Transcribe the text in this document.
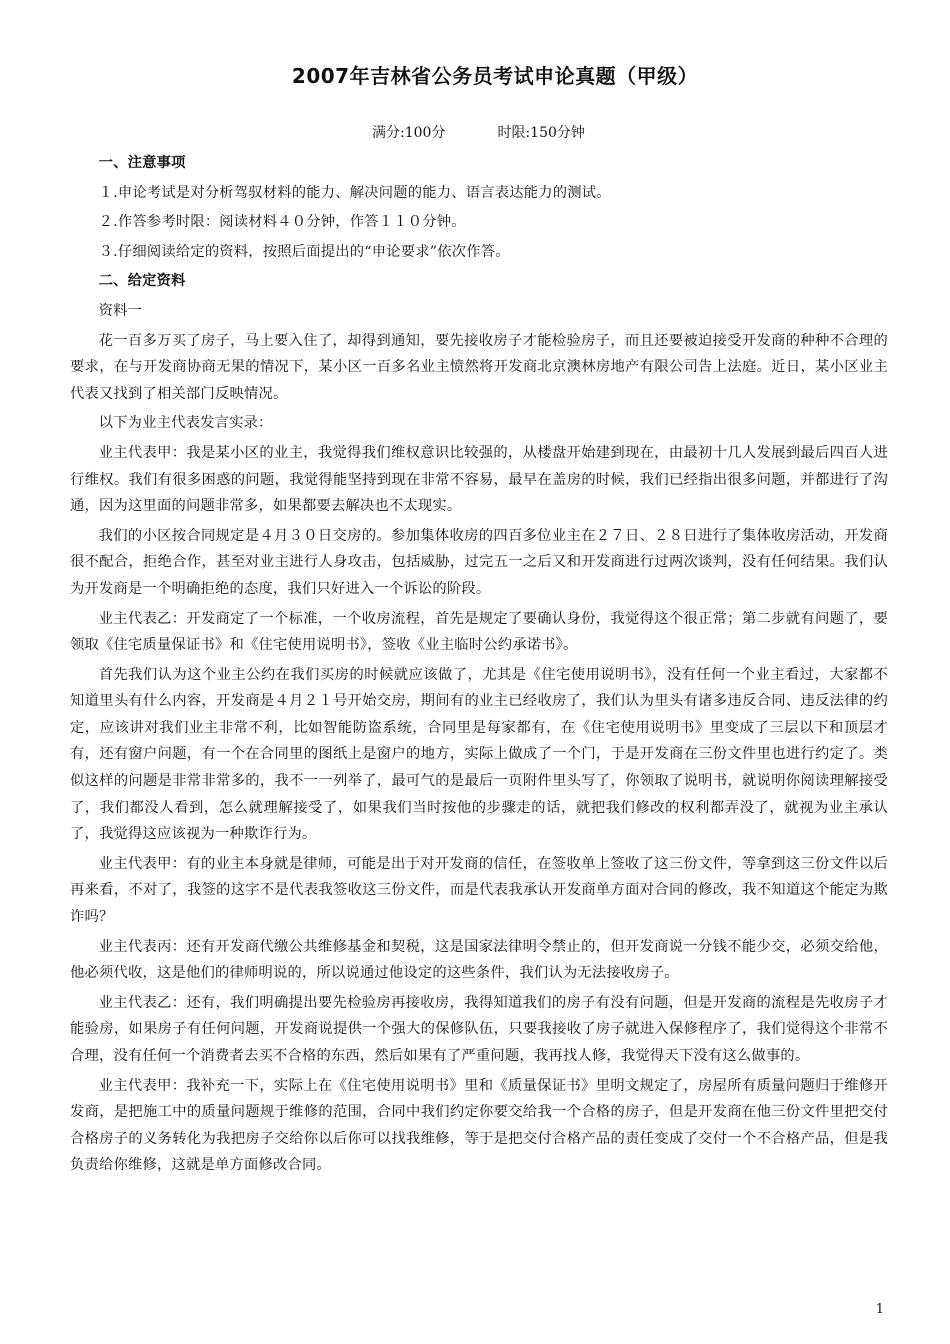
2007年吉林省公务员考试申论真题（甲级）
满分:100分	时限:150分钟

一、注意事项

１.申论考试是对分析驾驭材料的能力、解决问题的能力、语言表达能力的测试。

２.作答参考时限：阅读材料４０分钟，作答１１０分钟。

３.仔细阅读给定的资料，按照后面提出的“申论要求”依次作答。

二、给定资料

资料一

花一百多万买了房子，马上要入住了，却得到通知，要先接收房子才能检验房子，而且还要被迫接受开发商的种种不合理的要求，在与开发商协商无果的情况下，某小区一百多名业主愤然将开发商北京澳林房地产有限公司告上法庭。近日，某小区业主代表又找到了相关部门反映情况。

以下为业主代表发言实录：

业主代表甲：我是某小区的业主，我觉得我们维权意识比较强的，从楼盘开始建到现在，由最初十几人发展到最后四百人进行维权。我们有很多困惑的问题，我觉得能坚持到现在非常不容易，最早在盖房的时候，我们已经指出很多问题，并都进行了沟通，因为这里面的问题非常多，如果都要去解决也不太现实。

我们的小区按合同规定是４月３０日交房的。参加集体收房的四百多位业主在２７日、２８日进行了集体收房活动，开发商很不配合，拒绝合作，甚至对业主进行人身攻击，包括威胁，过完五一之后又和开发商进行过两次谈判，没有任何结果。我们认为开发商是一个明确拒绝的态度，我们只好进入一个诉讼的阶段。

业主代表乙：开发商定了一个标准，一个收房流程，首先是规定了要确认身份，我觉得这个很正常；第二步就有问题了，要领取《住宅质量保证书》和《住宅使用说明书》，签收《业主临时公约承诺书》。

首先我们认为这个业主公约在我们买房的时候就应该做了，尤其是《住宅使用说明书》，没有任何一个业主看过，大家都不知道里头有什么内容，开发商是４月２１号开始交房，期间有的业主已经收房了，我们认为里头有诸多违反合同、违反法律的约定，应该讲对我们业主非常不利，比如智能防盗系统，合同里是每家都有，在《住宅使用说明书》里变成了三层以下和顶层才有，还有窗户问题，有一个在合同里的图纸上是窗户的地方，实际上做成了一个门，于是开发商在三份文件里也进行约定了。类似这样的问题是非常非常多的，我不一一列举了，最可气的是最后一页附件里头写了，你领取了说明书，就说明你阅读理解接受了，我们都没人看到，怎么就理解接受了，如果我们当时按他的步骤走的话，就把我们修改的权利都弄没了，就视为业主承认了，我觉得这应该视为一种欺诈行为。

业主代表甲：有的业主本身就是律师，可能是出于对开发商的信任，在签收单上签收了这三份文件，等拿到这三份文件以后再来看，不对了，我签的这字不是代表我签收这三份文件，而是代表我承认开发商单方面对合同的修改，我不知道这个能定为欺诈吗？

业主代表丙：还有开发商代缴公共维修基金和契税，这是国家法律明令禁止的，但开发商说一分钱不能少交，必须交给他，他必须代收，这是他们的律师明说的，所以说通过他设定的这些条件，我们认为无法接收房子。

业主代表乙：还有，我们明确提出要先检验房再接收房，我得知道我们的房子有没有问题，但是开发商的流程是先收房子才能验房，如果房子有任何问题，开发商说提供一个强大的保修队伍，只要我接收了房子就进入保修程序了，我们觉得这个非常不合理，没有任何一个消费者去买不合格的东西，然后如果有了严重问题，我再找人修，我觉得天下没有这么做事的。

业主代表甲：我补充一下，实际上在《住宅使用说明书》里和《质量保证书》里明文规定了，房屋所有质量问题归于维修开发商，是把施工中的质量问题规于维修的范围，合同中我们约定你要交给我一个合格的房子，但是开发商在他三份文件里把交付合格房子的义务转化为我把房子交给你以后你可以找我维修，等于是把交付合格产品的责任变成了交付一个不合格产品，但是我负责给你维修，这就是单方面修改合同。

1
